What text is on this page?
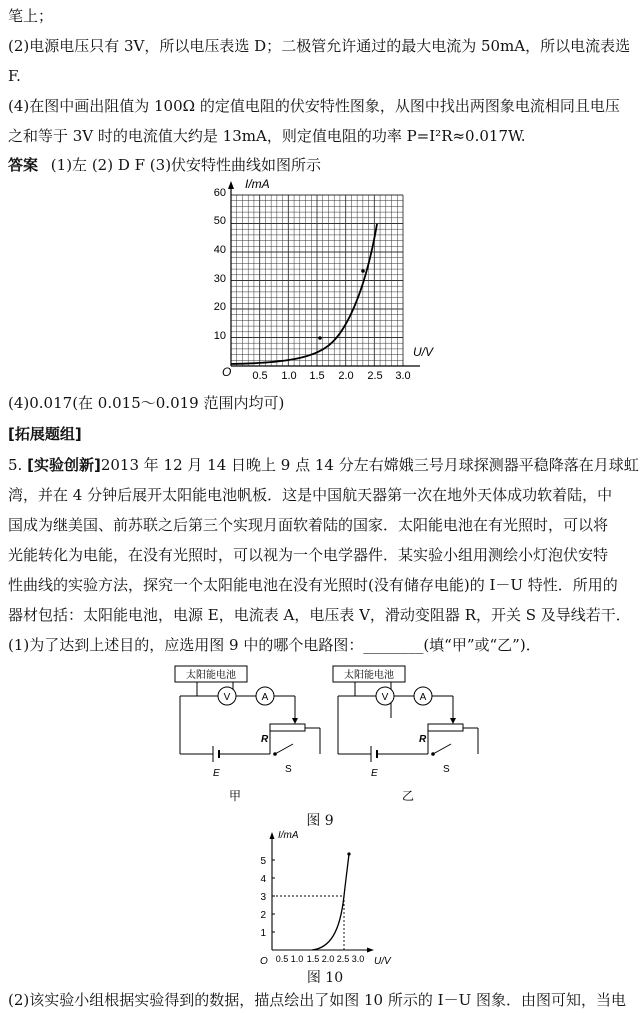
笔上；
(2)电源电压只有 3V，所以电压表选 D；二极管允许通过的最大电流为 50mA，所以电流表选
F.
(4)在图中画出阻值为 100Ω 的定值电阻的伏安特性图象，从图中找出两图象电流相同且电压
之和等于 3V 时的电流值大约是 13mA，则定值电阻的功率 P=I²R≈0.017W.
答案 (1)左 (2) D F (3)伏安特性曲线如图所示
I/mA
U/V
O
10
20
30
40
50
60
0.5 1.0 1.5 2.0 2.5 3.0
(4)0.017(在 0.015～0.019 范围内均可)
[拓展题组]
5. [实验创新]2013 年 12 月 14 日晚上 9 点 14 分左右嫦娥三号月球探测器平稳降落在月球虹
湾，并在 4 分钟后展开太阳能电池帆板．这是中国航天器第一次在地外天体成功软着陆，中
国成为继美国、前苏联之后第三个实现月面软着陆的国家．太阳能电池在有光照时，可以将
光能转化为电能，在没有光照时，可以视为一个电学器件．某实验小组用测绘小灯泡伏安特
性曲线的实验方法，探究一个太阳能电池在没有光照时(没有储存电能)的 I－U 特性．所用的
器材包括：太阳能电池，电源 E，电流表 A，电压表 V，滑动变阻器 R，开关 S 及导线若干．
(1)为了达到上述目的，应选用图 9 中的哪个电路图：________(填“甲”或“乙”)．
太阳能电池
V	A
R
E	S
甲
太阳能电池
V	A
R
E	S
乙
图 9
I/mA
U/V
O
1
2
3
4
5
0.5 1.0 1.5 2.0 2.5 3.0
图 10
(2)该实验小组根据实验得到的数据，描点绘出了如图 10 所示的 I－U 图象．由图可知，当电
